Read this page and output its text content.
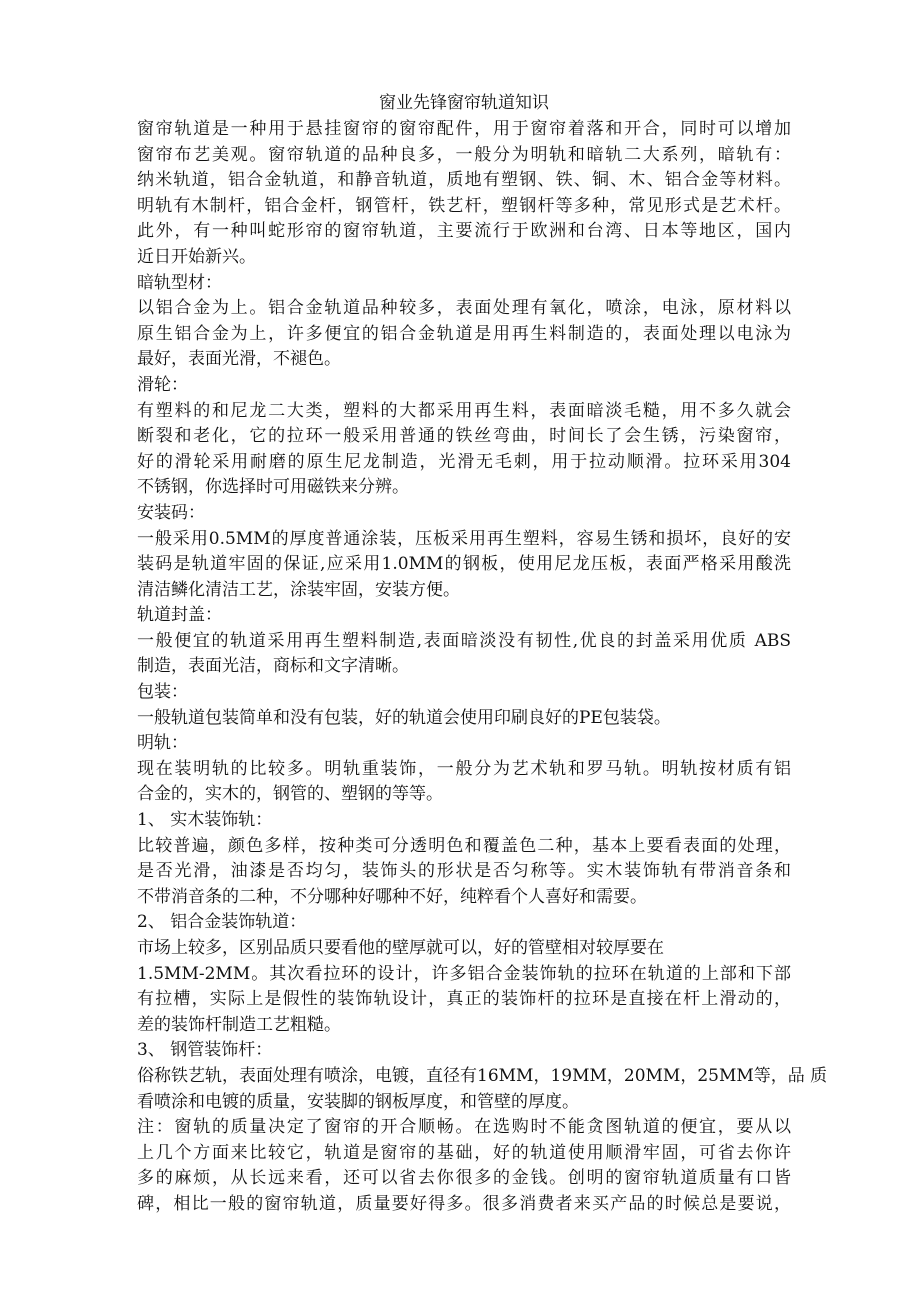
窗业先锋窗帘轨道知识
窗帘轨道是一种用于悬挂窗帘的窗帘配件，用于窗帘着落和开合，同时可以增加
窗帘布艺美观。窗帘轨道的品种良多，一般分为明轨和暗轨二大系列，暗轨有：
纳米轨道，铝合金轨道，和静音轨道，质地有塑钢、铁、铜、木、铝合金等材料。
明轨有木制杆，铝合金杆，钢管杆，铁艺杆，塑钢杆等多种，常见形式是艺术杆。
此外，有一种叫蛇形帘的窗帘轨道，主要流行于欧洲和台湾、日本等地区，国内
近日开始新兴。
暗轨型材：
以铝合金为上。铝合金轨道品种较多，表面处理有氧化，喷涂，电泳，原材料以
原生铝合金为上，许多便宜的铝合金轨道是用再生料制造的，表面处理以电泳为
最好，表面光滑，不褪色。
滑轮：
有塑料的和尼龙二大类，塑料的大都采用再生料，表面暗淡毛糙，用不多久就会
断裂和老化，它的拉环一般采用普通的铁丝弯曲，时间长了会生锈，污染窗帘，
好的滑轮采用耐磨的原生尼龙制造，光滑无毛刺，用于拉动顺滑。拉环采用304
不锈钢，你选择时可用磁铁来分辨。
安装码：
一般采用0.5MM的厚度普通涂装，压板采用再生塑料，容易生锈和损坏，良好的安
装码是轨道牢固的保证,应采用1.0MM的钢板，使用尼龙压板，表面严格采用酸洗
清洁鳞化清洁工艺，涂装牢固，安装方便。
轨道封盖：
一般便宜的轨道采用再生塑料制造,表面暗淡没有韧性,优良的封盖采用优质 ABS
制造，表面光洁，商标和文字清晰。
包装：
一般轨道包装简单和没有包装，好的轨道会使用印刷良好的PE包装袋。
明轨：
现在装明轨的比较多。明轨重装饰，一般分为艺术轨和罗马轨。明轨按材质有铝
合金的，实木的，钢管的、塑钢的等等。
1、 实木装饰轨：
比较普遍，颜色多样，按种类可分透明色和覆盖色二种，基本上要看表面的处理，
是否光滑，油漆是否均匀，装饰头的形状是否匀称等。实木装饰轨有带消音条和
不带消音条的二种，不分哪种好哪种不好，纯粹看个人喜好和需要。
2、 铝合金装饰轨道：
市场上较多，区别品质只要看他的壁厚就可以，好的管壁相对较厚要在
1.5MM-2MM。其次看拉环的设计，许多铝合金装饰轨的拉环在轨道的上部和下部
有拉槽，实际上是假性的装饰轨设计，真正的装饰杆的拉环是直接在杆上滑动的，
差的装饰杆制造工艺粗糙。
3、 钢管装饰杆：
俗称铁艺轨，表面处理有喷涂，电镀，直径有16MM，19MM，20MM，25MM等，品 质
看喷涂和电镀的质量，安装脚的钢板厚度，和管壁的厚度。
注：窗轨的质量决定了窗帘的开合顺畅。在选购时不能贪图轨道的便宜，要从以
上几个方面来比较它，轨道是窗帘的基础，好的轨道使用顺滑牢固，可省去你许
多的麻烦，从长远来看，还可以省去你很多的金钱。创明的窗帘轨道质量有口皆
碑，相比一般的窗帘轨道，质量要好得多。很多消费者来买产品的时候总是要说，
